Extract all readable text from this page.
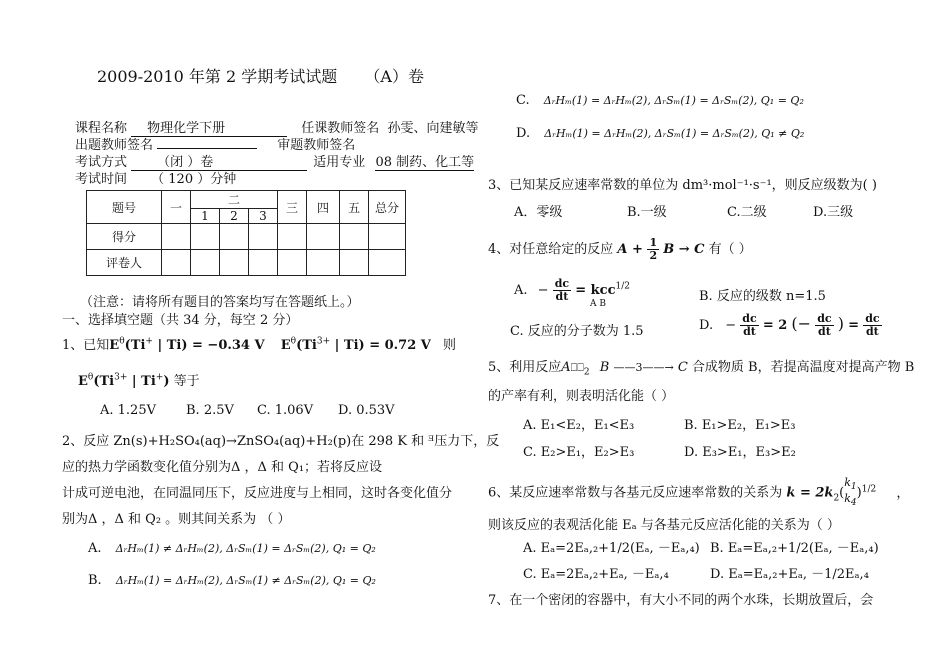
2009-2010 年第 2 学期考试试题 （A）卷
课程名称 物理化学下册	任课教师签名 孙雯、向建敏等
出题教师签名	审题教师签名
考试方式 （闭 ）卷	适用专业 08 制药、化工等
考试时间 （ 120 ）分钟
题号	一	二			三	四	五	总分
		1	2	3				
得分								
评卷人								
（注意：请将所有题目的答案均写在答题纸上。）
一、选择填空题（共 34 分，每空 2 分）
1、已知$E^\theta(Ti^+$ | Ti) = −0.34 V $E^\theta(Ti^{3+}$ | Ti) = 0.72 V 则
$E^\theta(Ti^{3+}$ | Ti+) 等于
A. 1.25V B. 2.5V C. 1.06V D. 0.53V
2、反应 Zn(s)+H₂SO₄(aq)→ZnSO₄(aq)+H₂(p)在 298 K 和 ᴲ压力下，反
应的热力学函数变化值分别为Δ ，Δ 和 Q₁；若将反应设
计成可逆电池，在同温同压下，反应进度与上相同，这时各变化值分
别为Δ ，Δ 和 Q₂ 。则其间关系为 （ ）
A. ΔᵣHₘ(1) ≠ ΔᵣHₘ(2), ΔᵣSₘ(1) = ΔᵣSₘ(2), Q₁ = Q₂
B. ΔᵣHₘ(1) = ΔᵣHₘ(2), ΔᵣSₘ(1) ≠ ΔᵣSₘ(2), Q₁ = Q₂
C. ΔᵣHₘ(1) = ΔᵣHₘ(2), ΔᵣSₘ(1) = ΔᵣSₘ(2), Q₁ = Q₂
D. ΔᵣHₘ(1) = ΔᵣHₘ(2), ΔᵣSₘ(1) = ΔᵣSₘ(2), Q₁ ≠ Q₂
3、已知某反应速率常数的单位为 dm³·mol⁻¹·s⁻¹，则反应级数为( )
A．零级	B.一级	C.二级	D.三级
4、对任意给定的反应 $A + \frac{1}{2}$ B → C 有（ ）
A. − $\frac{dc}{dt} = kcc^{1/2}$
A B	B. 反应的级数 n=1.5
C. 反应的分子数为 1.5	D. − $\frac{dc}{dt} = 2$ (− $\frac{dc}{dt}$ ) = $\frac{dc}{dt}$
5、利用反应$A⎕⎕_2$ B ——3——→ C 合成物质 B，若提高温度对提高产物 B
的产率有利，则表明活化能（ ）
A. E₁<E₂，E₁<E₃	B. E₁>E₂，E₁>E₃
C. E₂>E₁，E₂>E₃	D. E₃>E₁，E₃>E₂
6、某反应速率常数与各基元反应速率常数的关系为 $k = 2k_2$(
$k_1$
$k_4$
)$^{1/2}$ ，
则该反应的表观活化能 Eₐ 与各基元反应活化能的关系为（ ）
A. Eₐ=2Eₐ,₂+1/2(Eₐ, －Eₐ,₄) B. Eₐ=Eₐ,₂+1/2(Eₐ, －Eₐ,₄)
C. Eₐ=2Eₐ,₂+Eₐ, －Eₐ,₄	D. Eₐ=Eₐ,₂+Eₐ, －1/2Eₐ,₄
7、在一个密闭的容器中，有大小不同的两个水珠，长期放置后，会
